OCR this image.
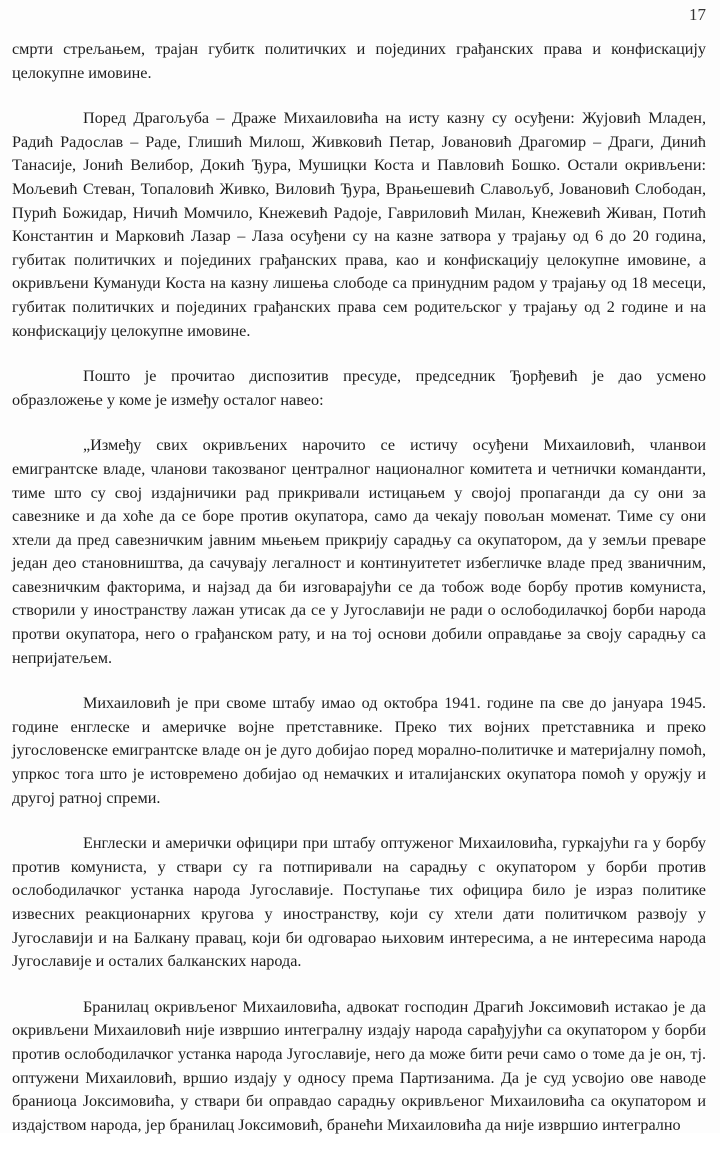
17

смрти стрељањем, трајан губитк политичких и појединих грађанских права и конфискацију целокупне имовине.

Поред Драгољуба – Драже Михаиловића на исту казну су осуђени: Жујовић Младен, Радић Радослав – Раде, Глишић Милош, Живковић Петар, Јовановић Драгомир – Драги, Динић Танасије, Јонић Велибор, Докић Ђура, Мушицки Коста и Павловић Бошко. Остали окривљени: Мољевић Стеван, Топаловић Живко, Виловић Ђура, Врањешевић Славољуб, Јовановић Слободан, Пурић Божидар, Ничић Момчило, Кнежевић Радоје, Гавриловић Милан, Кнежевић Живан, Потић Константин и Марковић Лазар – Лаза осуђени су на казне затвора у трајању од 6 до 20 година, губитак политичких и појединих грађанских права, као и конфискацију целокупне имовине, а окривљени Кумануди Коста на казну лишења слободе са принудним радом у трајању од 18 месеци, губитак политичких и појединих грађанских права сем родитељског у трајању од 2 године и на конфискацију целокупне имовине.

Пошто је прочитао диспозитив пресуде, председник Ђорђевић је дао усмено образложење у коме је између осталог навео:

„Између свих окривљених нарочито се истичу осуђени Михаиловић, чланвои емигрантске владе, чланови такозваног централног националног комитета и четнички команданти, тиме што су свој издајничики рад прикривали истицањем у својој пропаганди да су они за савезнике и да хоће да се боре против окупатора, само да чекају повољан моменат. Тиме су они хтели да пред савезничким јавним мњењем прикрију сарадњу са окупатором, да у земљи преваре један део становништва, да сачувају легалност и континуитетет избегличке владе пред званичним, савезничким факторима, и најзад да би изговарајући се да тобож воде борбу против комуниста, створили у иностранству лажан утисак да се у Југославији не ради о ослободилачкој борби народа протви окупатора, него о грађанском рату, и на тој основи добили оправдање за своју сарадњу са непријатељем.

Михаиловић је при своме штабу имао од октобра 1941. године па све до јануара 1945. године енглеске и америчке војне претставнике. Преко тих војних претставника и преко југословенске емигрантске владе он је дуго добијао поред морално-политичке и материјалну помоћ, упркос тога што је истовремено добијао од немачких и италијанских окупатора помоћ у оружју и другој ратној спреми.

Енглески и амерички официри при штабу оптуженог Михаиловића, гуркајући га у борбу против комуниста, у ствари су га потпиривали на сарадњу с окупатором у борби против ослободилачког устанка народа Југославије. Поступање тих официра било је израз политике извесних реакционарних кругова у иностранству, који су хтели дати политичком развоју у Југославији и на Балкану правац, који би одговарао њиховим интересима, а не интересима народа Југославије и осталих балканских народа.

Бранилац окривљеног Михаиловића, адвокат господин Драгић Јоксимовић истакао је да окривљени Михаиловић није извршио интегралну издају народа сарађујући са окупатором у борби против ослободилачког устанка народа Југославије, него да може бити речи само о томе да је он, тј. оптужени Михаиловић, вршио издају у односу према Партизанима. Да је суд усвојио ове наводе браниоца Јоксимовића, у ствари би оправдао сарадњу окривљеног Михаиловића са окупатором и издајством народа, јер бранилац Јоксимовић, бранећи Михаиловића да није извршио интегрално
